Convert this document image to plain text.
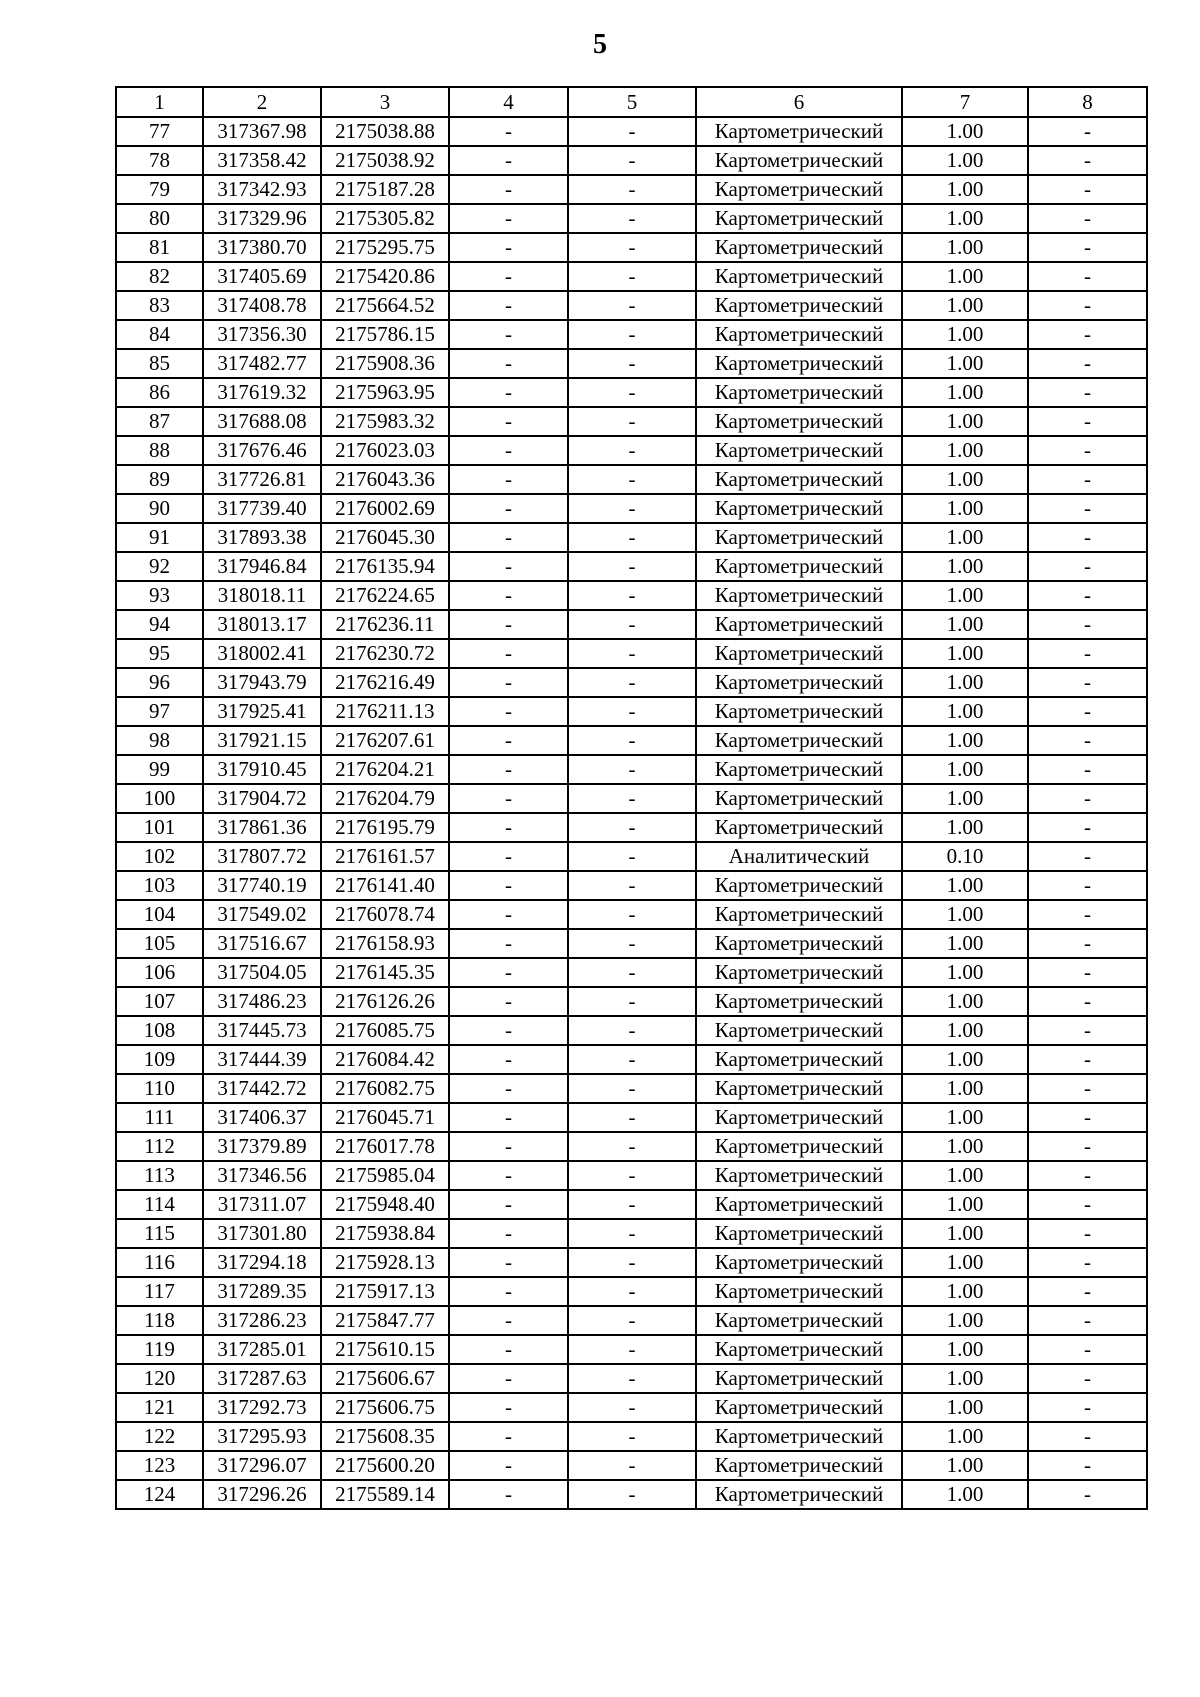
5
1	2	3	4	5	6	7	8
77	317367.98	2175038.88	-	-	Картометрический	1.00	-
78	317358.42	2175038.92	-	-	Картометрический	1.00	-
79	317342.93	2175187.28	-	-	Картометрический	1.00	-
80	317329.96	2175305.82	-	-	Картометрический	1.00	-
81	317380.70	2175295.75	-	-	Картометрический	1.00	-
82	317405.69	2175420.86	-	-	Картометрический	1.00	-
83	317408.78	2175664.52	-	-	Картометрический	1.00	-
84	317356.30	2175786.15	-	-	Картометрический	1.00	-
85	317482.77	2175908.36	-	-	Картометрический	1.00	-
86	317619.32	2175963.95	-	-	Картометрический	1.00	-
87	317688.08	2175983.32	-	-	Картометрический	1.00	-
88	317676.46	2176023.03	-	-	Картометрический	1.00	-
89	317726.81	2176043.36	-	-	Картометрический	1.00	-
90	317739.40	2176002.69	-	-	Картометрический	1.00	-
91	317893.38	2176045.30	-	-	Картометрический	1.00	-
92	317946.84	2176135.94	-	-	Картометрический	1.00	-
93	318018.11	2176224.65	-	-	Картометрический	1.00	-
94	318013.17	2176236.11	-	-	Картометрический	1.00	-
95	318002.41	2176230.72	-	-	Картометрический	1.00	-
96	317943.79	2176216.49	-	-	Картометрический	1.00	-
97	317925.41	2176211.13	-	-	Картометрический	1.00	-
98	317921.15	2176207.61	-	-	Картометрический	1.00	-
99	317910.45	2176204.21	-	-	Картометрический	1.00	-
100	317904.72	2176204.79	-	-	Картометрический	1.00	-
101	317861.36	2176195.79	-	-	Картометрический	1.00	-
102	317807.72	2176161.57	-	-	Аналитический	0.10	-
103	317740.19	2176141.40	-	-	Картометрический	1.00	-
104	317549.02	2176078.74	-	-	Картометрический	1.00	-
105	317516.67	2176158.93	-	-	Картометрический	1.00	-
106	317504.05	2176145.35	-	-	Картометрический	1.00	-
107	317486.23	2176126.26	-	-	Картометрический	1.00	-
108	317445.73	2176085.75	-	-	Картометрический	1.00	-
109	317444.39	2176084.42	-	-	Картометрический	1.00	-
110	317442.72	2176082.75	-	-	Картометрический	1.00	-
111	317406.37	2176045.71	-	-	Картометрический	1.00	-
112	317379.89	2176017.78	-	-	Картометрический	1.00	-
113	317346.56	2175985.04	-	-	Картометрический	1.00	-
114	317311.07	2175948.40	-	-	Картометрический	1.00	-
115	317301.80	2175938.84	-	-	Картометрический	1.00	-
116	317294.18	2175928.13	-	-	Картометрический	1.00	-
117	317289.35	2175917.13	-	-	Картометрический	1.00	-
118	317286.23	2175847.77	-	-	Картометрический	1.00	-
119	317285.01	2175610.15	-	-	Картометрический	1.00	-
120	317287.63	2175606.67	-	-	Картометрический	1.00	-
121	317292.73	2175606.75	-	-	Картометрический	1.00	-
122	317295.93	2175608.35	-	-	Картометрический	1.00	-
123	317296.07	2175600.20	-	-	Картометрический	1.00	-
124	317296.26	2175589.14	-	-	Картометрический	1.00	-
